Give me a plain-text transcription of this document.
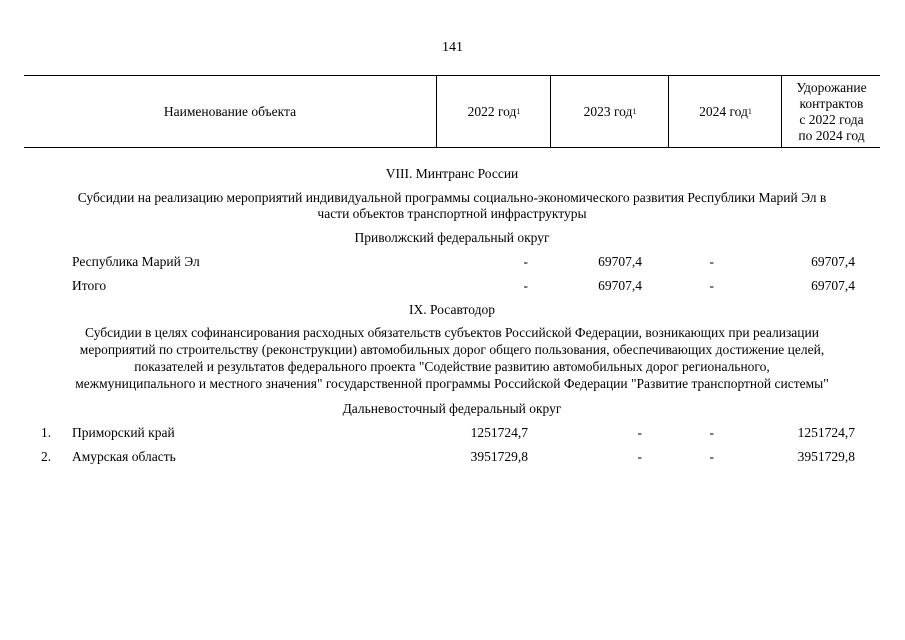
141
Наименование объекта	2022 год 1	2023 год 1	2024 год 1
Удорожание
контрактов
с 2022 года
по 2024 год
VIII. Минтранс России
Субсидии на реализацию мероприятий индивидуальной программы социально-экономического развития Республики Марий Эл в
части объектов транспортной инфраструктуры
Приволжский федеральный округ
Республика Марий Эл	-	69707,4	-	69707,4
Итого	-	69707,4	-	69707,4
IX. Росавтодор
Субсидии в целях софинансирования расходных обязательств субъектов Российской Федерации, возникающих при реализации
мероприятий по строительству (реконструкции) автомобильных дорог общего пользования, обеспечивающих достижение целей,
показателей и результатов федерального проекта "Содействие развитию автомобильных дорог регионального,
межмуниципального и местного значения" государственной программы Российской Федерации "Развитие транспортной системы"
Дальневосточный федеральный округ
1. Приморский край	1251724,7	-	-	1251724,7
2. Амурская область	3951729,8	-	-	3951729,8
